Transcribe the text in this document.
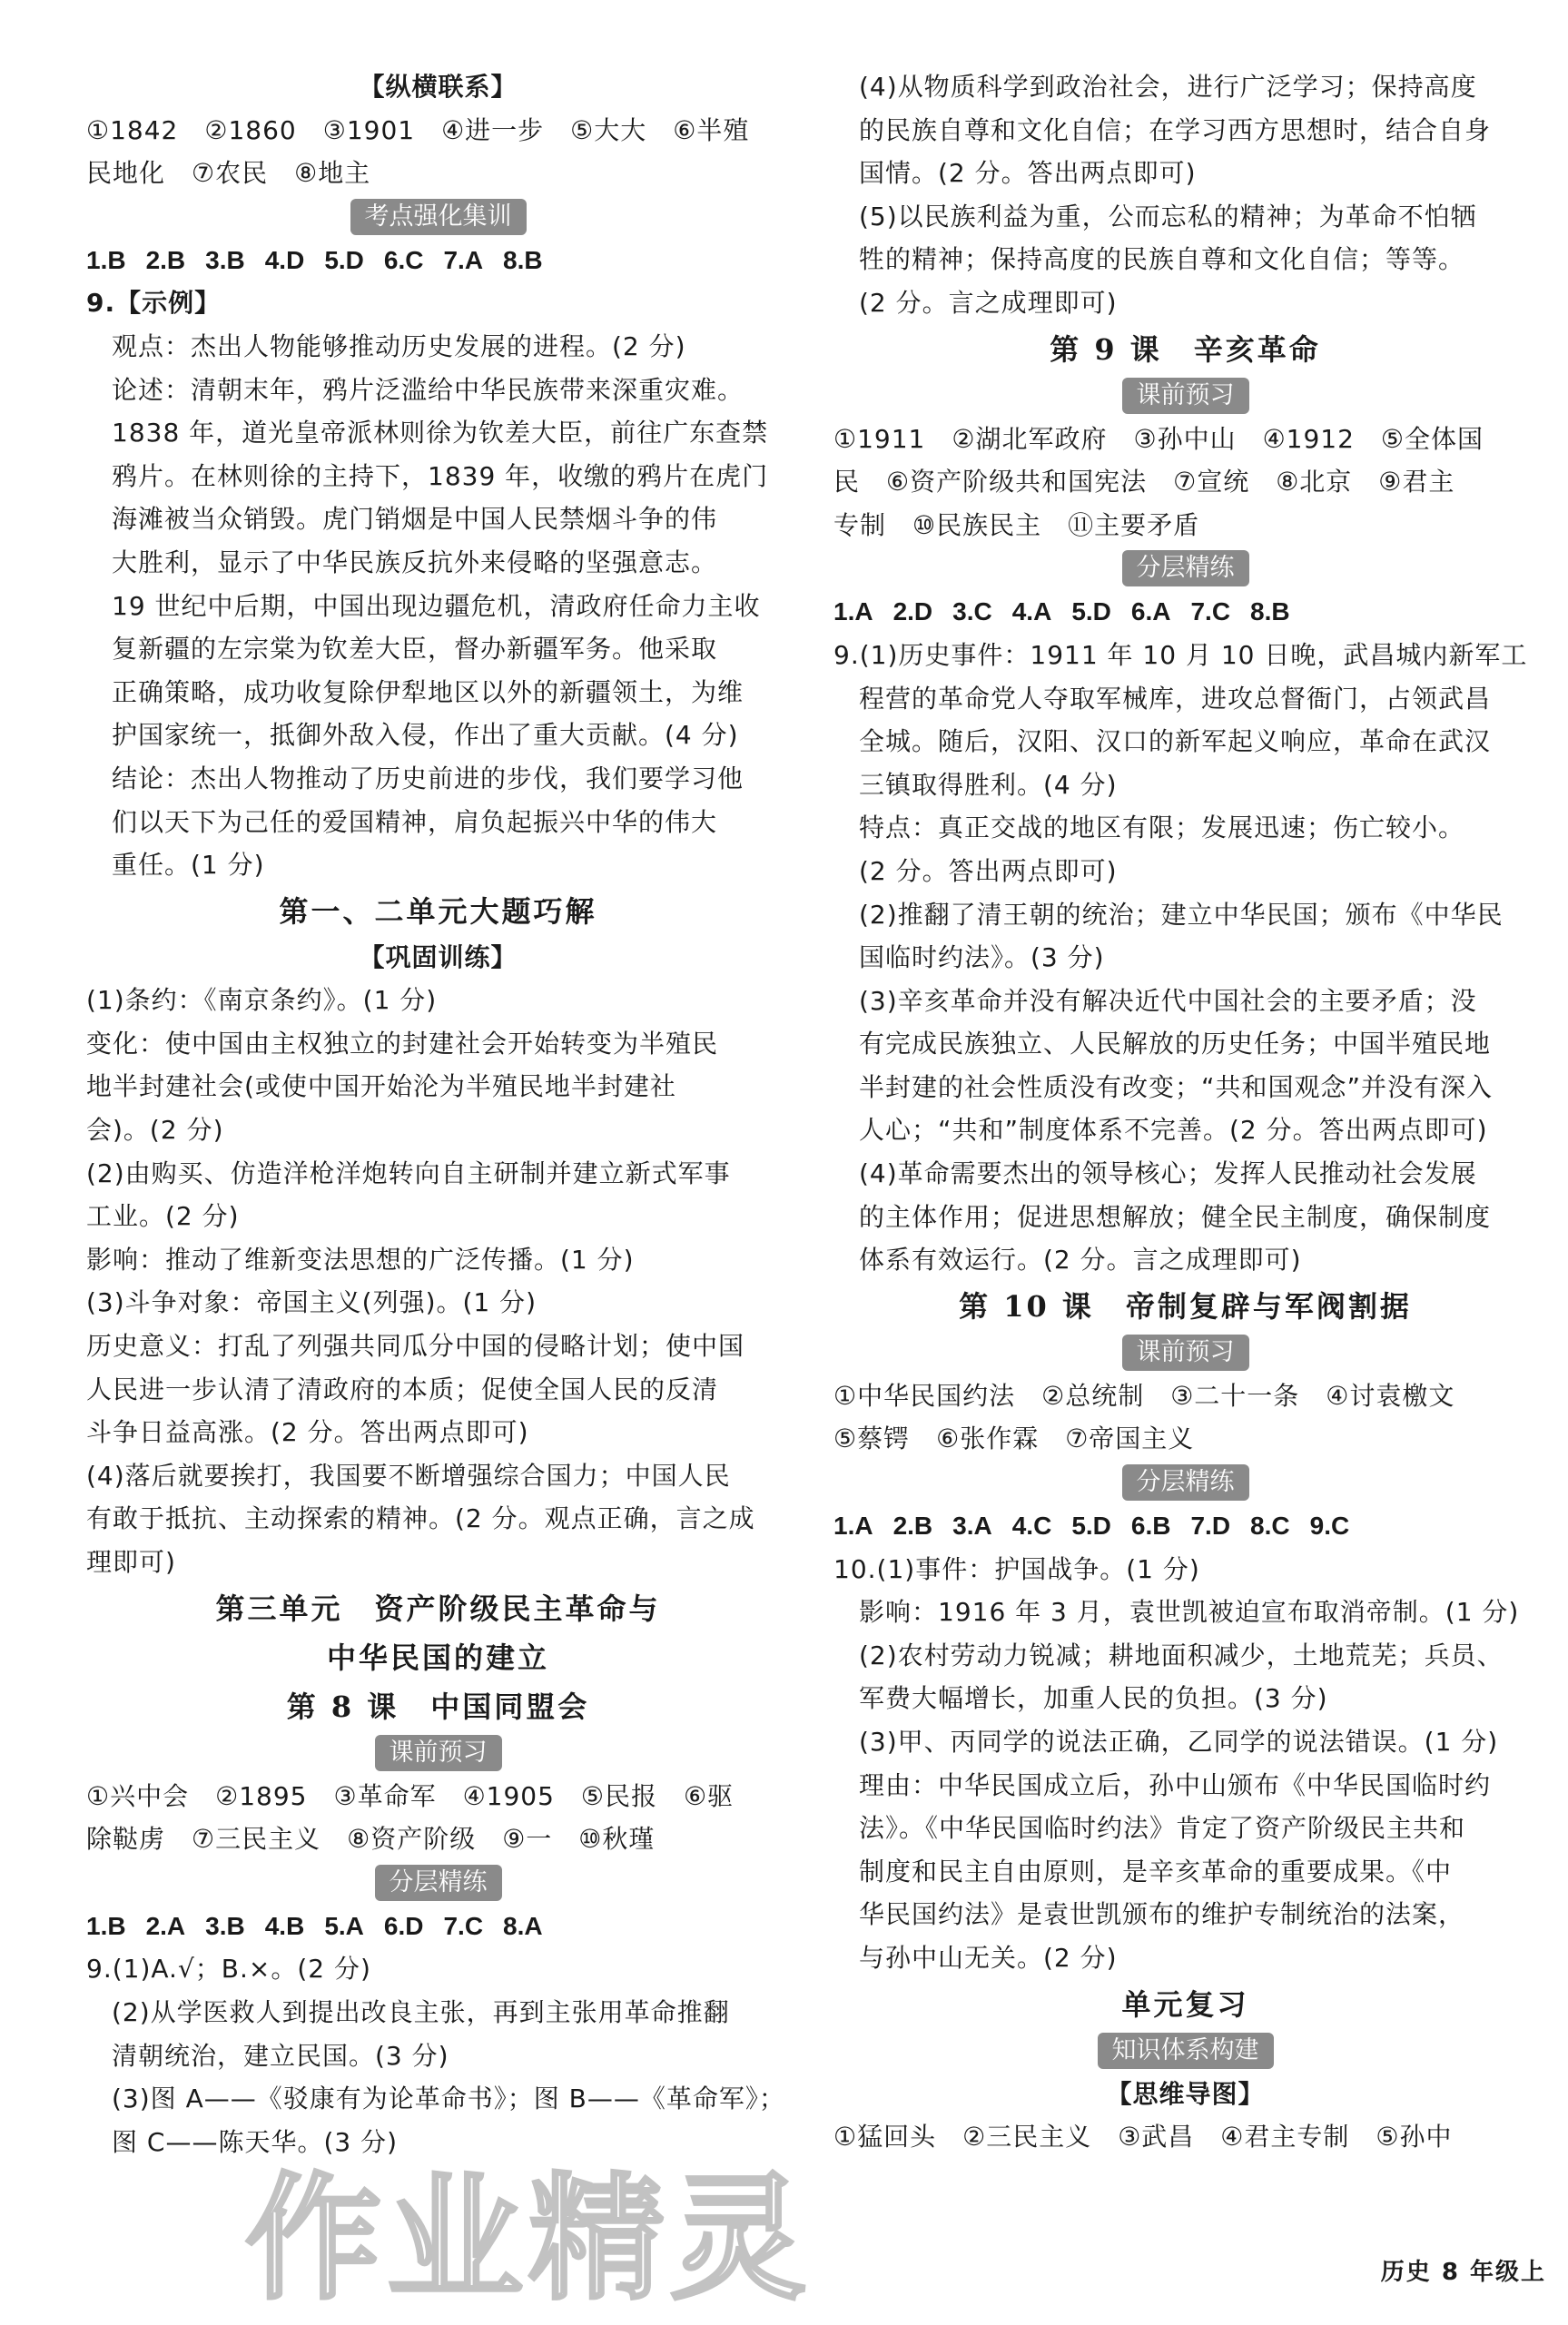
【纵横联系】
①1842　②1860　③1901　④进一步　⑤大大　⑥半殖
民地化　⑦农民　⑧地主
考点强化集训
1.B 2.B 3.B 4.D 5.D 6.C 7.A 8.B
9.【示例】
观点：杰出人物能够推动历史发展的进程。(2 分)
论述：清朝末年，鸦片泛滥给中华民族带来深重灾难。
1838 年，道光皇帝派林则徐为钦差大臣，前往广东查禁
鸦片。在林则徐的主持下，1839 年，收缴的鸦片在虎门
海滩被当众销毁。虎门销烟是中国人民禁烟斗争的伟
大胜利，显示了中华民族反抗外来侵略的坚强意志。
19 世纪中后期，中国出现边疆危机，清政府任命力主收
复新疆的左宗棠为钦差大臣，督办新疆军务。他采取
正确策略，成功收复除伊犁地区以外的新疆领土，为维
护国家统一，抵御外敌入侵，作出了重大贡献。(4 分)
结论：杰出人物推动了历史前进的步伐，我们要学习他
们以天下为己任的爱国精神，肩负起振兴中华的伟大
重任。(1 分)
第一、二单元大题巧解
【巩固训练】
(1)条约：《南京条约》。(1 分)
变化：使中国由主权独立的封建社会开始转变为半殖民
地半封建社会(或使中国开始沦为半殖民地半封建社
会)。(2 分)
(2)由购买、仿造洋枪洋炮转向自主研制并建立新式军事
工业。(2 分)
影响：推动了维新变法思想的广泛传播。(1 分)
(3)斗争对象：帝国主义(列强)。(1 分)
历史意义：打乱了列强共同瓜分中国的侵略计划；使中国
人民进一步认清了清政府的本质；促使全国人民的反清
斗争日益高涨。(2 分。答出两点即可)
(4)落后就要挨打，我国要不断增强综合国力；中国人民
有敢于抵抗、主动探索的精神。(2 分。观点正确，言之成
理即可)
第三单元　资产阶级民主革命与
中华民国的建立
第 8 课　中国同盟会
课前预习
①兴中会　②1895　③革命军　④1905　⑤民报　⑥驱
除鞑虏　⑦三民主义　⑧资产阶级　⑨一　⑩秋瑾
分层精练
1.B 2.A 3.B 4.B 5.A 6.D 7.C 8.A
9.(1)A.√；B.×。(2 分)
(2)从学医救人到提出改良主张，再到主张用革命推翻
清朝统治，建立民国。(3 分)
(3)图 A——《驳康有为论革命书》；图 B——《革命军》；
图 C——陈天华。(3 分)
(4)从物质科学到政治社会，进行广泛学习；保持高度
的民族自尊和文化自信；在学习西方思想时，结合自身
国情。(2 分。答出两点即可)
(5)以民族利益为重，公而忘私的精神；为革命不怕牺
牲的精神；保持高度的民族自尊和文化自信；等等。
(2 分。言之成理即可)
第 9 课　辛亥革命
课前预习
①1911　②湖北军政府　③孙中山　④1912　⑤全体国
民　⑥资产阶级共和国宪法　⑦宣统　⑧北京　⑨君主
专制　⑩民族民主　⑪主要矛盾
分层精练
1.A 2.D 3.C 4.A 5.D 6.A 7.C 8.B
9.(1)历史事件：1911 年 10 月 10 日晚，武昌城内新军工
程营的革命党人夺取军械库，进攻总督衙门，占领武昌
全城。随后，汉阳、汉口的新军起义响应，革命在武汉
三镇取得胜利。(4 分)
特点：真正交战的地区有限；发展迅速；伤亡较小。
(2 分。答出两点即可)
(2)推翻了清王朝的统治；建立中华民国；颁布《中华民
国临时约法》。(3 分)
(3)辛亥革命并没有解决近代中国社会的主要矛盾；没
有完成民族独立、人民解放的历史任务；中国半殖民地
半封建的社会性质没有改变；“共和国观念”并没有深入
人心；“共和”制度体系不完善。(2 分。答出两点即可)
(4)革命需要杰出的领导核心；发挥人民推动社会发展
的主体作用；促进思想解放；健全民主制度，确保制度
体系有效运行。(2 分。言之成理即可)
第 10 课　帝制复辟与军阀割据
课前预习
①中华民国约法　②总统制　③二十一条　④讨袁檄文
⑤蔡锷　⑥张作霖　⑦帝国主义
分层精练
1.A 2.B 3.A 4.C 5.D 6.B 7.D 8.C 9.C
10.(1)事件：护国战争。(1 分)
影响：1916 年 3 月，袁世凯被迫宣布取消帝制。(1 分)
(2)农村劳动力锐减；耕地面积减少，土地荒芜；兵员、
军费大幅增长，加重人民的负担。(3 分)
(3)甲、丙同学的说法正确，乙同学的说法错误。(1 分)
理由：中华民国成立后，孙中山颁布《中华民国临时约
法》。《中华民国临时约法》肯定了资产阶级民主共和
制度和民主自由原则，是辛亥革命的重要成果。《中
华民国约法》是袁世凯颁布的维护专制统治的法案，
与孙中山无关。(2 分)
单元复习
知识体系构建
【思维导图】
①猛回头　②三民主义　③武昌　④君主专制　⑤孙中
历史 8 年级上
作业精灵
